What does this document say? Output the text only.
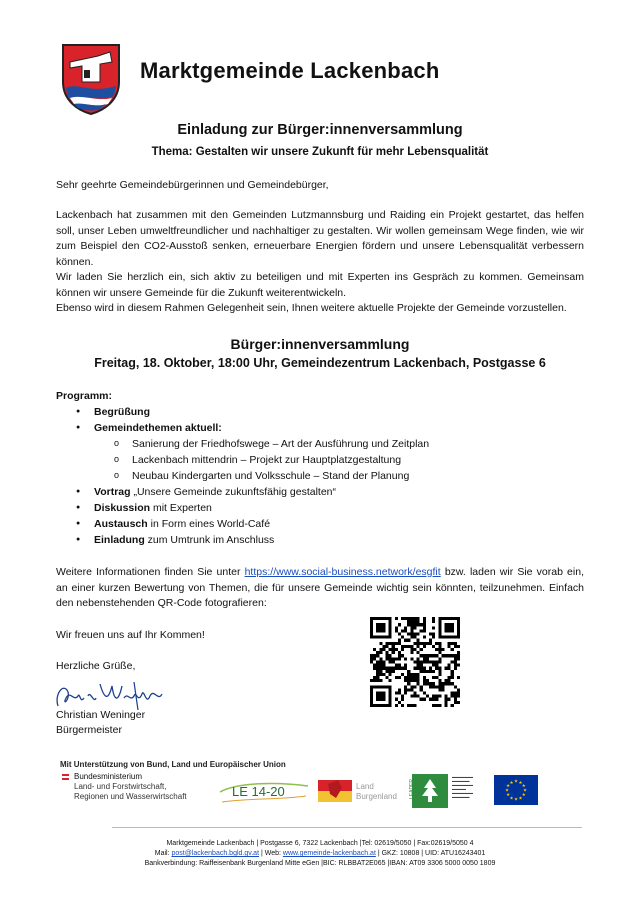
Marktgemeinde Lackenbach
Einladung zur Bürger:innenversammlung
Thema: Gestalten wir unsere Zukunft für mehr Lebensqualität
Sehr geehrte Gemeindebürgerinnen und Gemeindebürger,
Lackenbach hat zusammen mit den Gemeinden Lutzmannsburg und Raiding ein Projekt gestartet, das helfen soll, unser Leben umweltfreundlicher und nachhaltiger zu gestalten. Wir wollen gemeinsam Wege finden, wie wir zum Beispiel den CO2-Ausstoß senken, erneuerbare Energien fördern und unsere Lebensqualität verbessern können.
Wir laden Sie herzlich ein, sich aktiv zu beteiligen und mit Experten ins Gespräch zu kommen. Gemeinsam können wir unsere Gemeinde für die Zukunft weiterentwickeln.
Ebenso wird in diesem Rahmen Gelegenheit sein, Ihnen weitere aktuelle Projekte der Gemeinde vorzustellen.
Bürger:innenversammlung
Freitag, 18. Oktober, 18:00 Uhr, Gemeindezentrum Lackenbach, Postgasse 6
Programm:
● Begrüßung
● Gemeindethemen aktuell:
o Sanierung der Friedhofswege – Art der Ausführung und Zeitplan
o Lackenbach mittendrin – Projekt zur Hauptplatzgestaltung
o Neubau Kindergarten und Volksschule – Stand der Planung
● Vortrag „Unsere Gemeinde zukunftsfähig gestalten“
● Diskussion mit Experten
● Austausch in Form eines World-Café
● Einladung zum Umtrunk im Anschluss
Weitere Informationen finden Sie unter https://www.social-business.network/esgfit bzw. laden wir Sie vorab ein, an einer kurzen Bewertung von Themen, die für unsere Gemeinde wichtig sein könnten, teilzunehmen. Einfach den nebenstehenden QR-Code fotografieren:
Wir freuen uns auf Ihr Kommen!
Herzliche Grüße,
Christian Weninger
Bürgermeister
Mit Unterstützung von Bund, Land und Europäischer Union
Bundesministerium
Land- und Forstwirtschaft,
Regionen und Wasserwirtschaft	LE 14-20	Land
Burgenland LEADER
▬▬▬▬▬▬
▬▬▬▬▬
▬▬▬▬▬▬
▬▬▬▬
▬▬▬▬▬▬
▬▬▬▬▬
★
★
★
★
★
★
★
★
★ ★ ★
★
Marktgemeinde Lackenbach | Postgasse 6, 7322 Lackenbach |Tel: 02619/5050 | Fax:02619/5050 4
Mail: post@lackenbach.bgld.gv.at | Web: www.gemeinde-lackenbach.at | GKZ: 10808 | UID: ATU16243401
Bankverbindung: Raiffeisenbank Burgenland Mitte eGen |BIC: RLBBAT2E065 |IBAN: AT09 3306 5000 0050 1809
